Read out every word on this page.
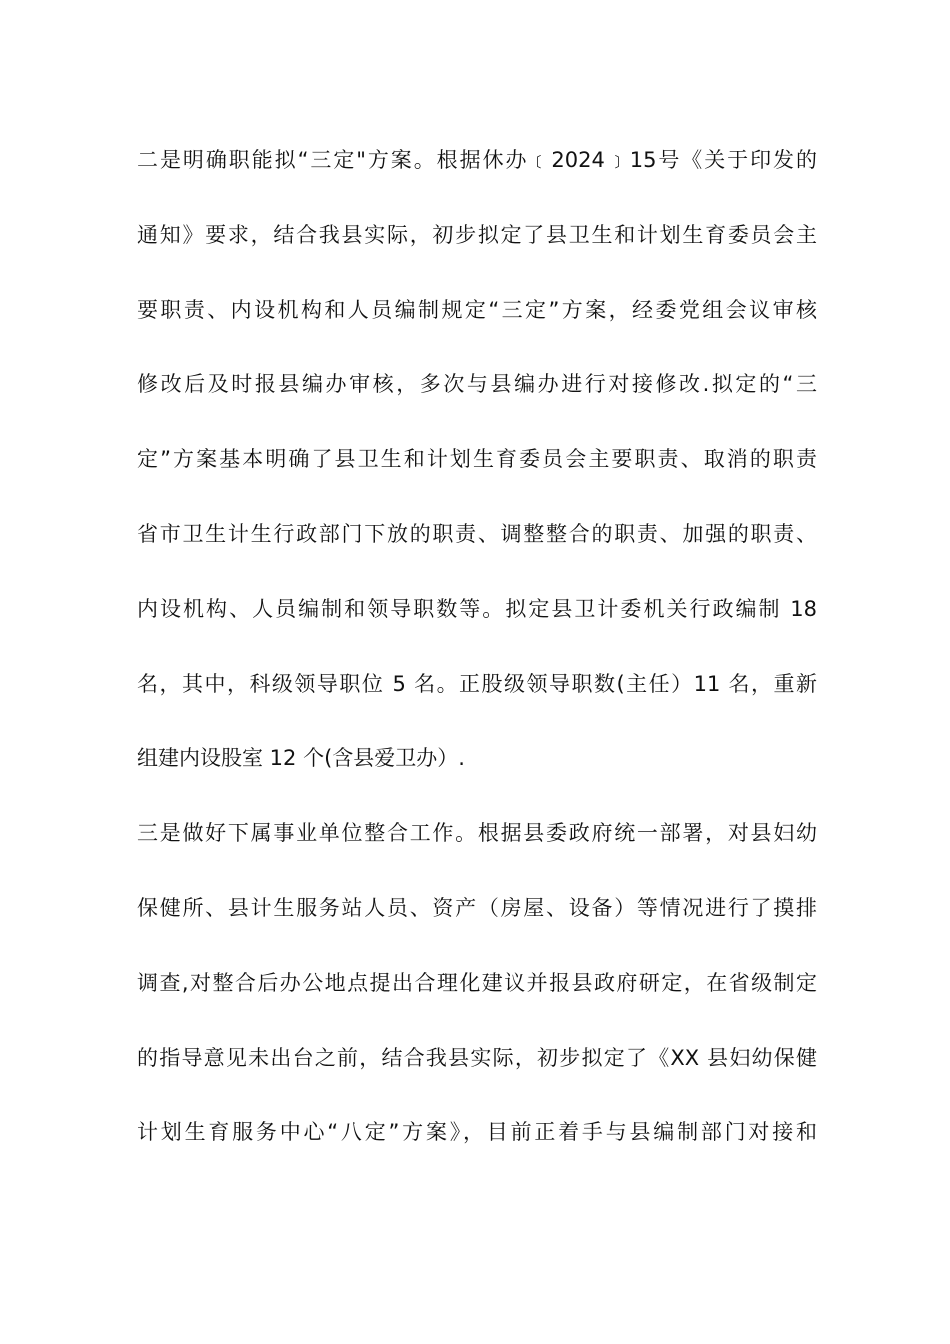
二是明确职能拟“三定"方案。根据休办﹝2024﹞15号《关于印发的
通知》要求，结合我县实际，初步拟定了县卫生和计划生育委员会主
要职责、内设机构和人员编制规定“三定”方案，经委党组会议审核
修改后及时报县编办审核，多次与县编办进行对接修改.拟定的“三
定”方案基本明确了县卫生和计划生育委员会主要职责、取消的职责
省市卫生计生行政部门下放的职责、调整整合的职责、加强的职责、
内设机构、人员编制和领导职数等。拟定县卫计委机关行政编制 18
名，其中，科级领导职位 5 名。正股级领导职数(主任）11 名，重新
组建内设股室 12 个(含县爱卫办）.
三是做好下属事业单位整合工作。根据县委政府统一部署，对县妇幼
保健所、县计生服务站人员、资产（房屋、设备）等情况进行了摸排
调查,对整合后办公地点提出合理化建议并报县政府研定，在省级制定
的指导意见未出台之前，结合我县实际，初步拟定了《XX 县妇幼保健
计划生育服务中心“八定”方案》，目前正着手与县编制部门对接和
